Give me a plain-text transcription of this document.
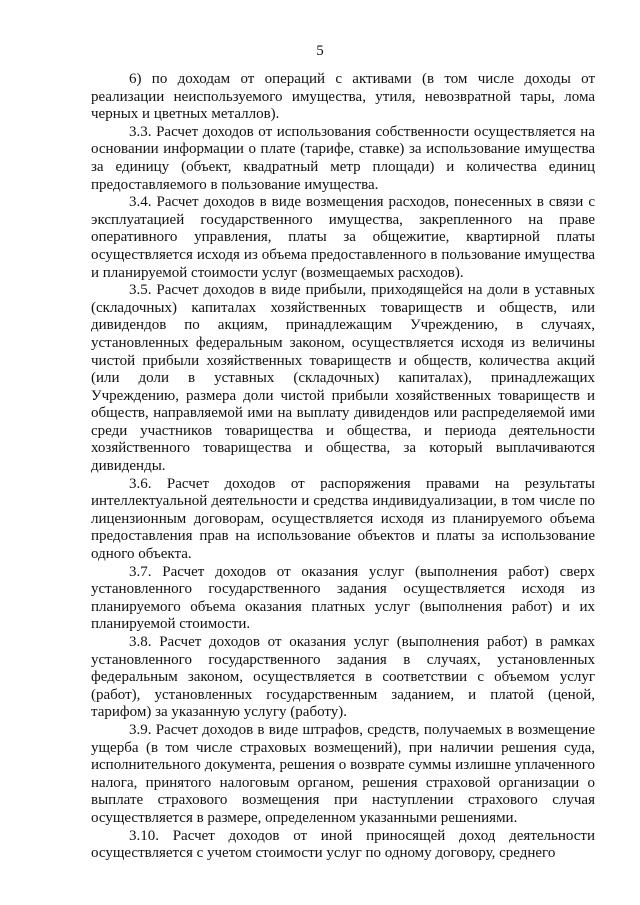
5

6) по доходам от операций с активами (в том числе доходы от реализации неиспользуемого имущества, утиля, невозвратной тары, лома черных и цветных металлов).

3.3. Расчет доходов от использования собственности осуществляется на основании информации о плате (тарифе, ставке) за использование имущества за единицу (объект, квадратный метр площади) и количества единиц предоставляемого в пользование имущества.

3.4. Расчет доходов в виде возмещения расходов, понесенных в связи с эксплуатацией государственного имущества, закрепленного на праве оперативного управления, платы за общежитие, квартирной платы осуществляется исходя из объема предоставленного в пользование имущества и планируемой стоимости услуг (возмещаемых расходов).

3.5. Расчет доходов в виде прибыли, приходящейся на доли в уставных (складочных) капиталах хозяйственных товариществ и обществ, или дивидендов по акциям, принадлежащим Учреждению, в случаях, установленных федеральным законом, осуществляется исходя из величины чистой прибыли хозяйственных товариществ и обществ, количества акций (или доли в уставных (складочных) капиталах), принадлежащих Учреждению, размера доли чистой прибыли хозяйственных товариществ и обществ, направляемой ими на выплату дивидендов или распределяемой ими среди участников товарищества и общества, и периода деятельности хозяйственного товарищества и общества, за который выплачиваются дивиденды.

3.6. Расчет доходов от распоряжения правами на результаты интеллектуальной деятельности и средства индивидуализации, в том числе по лицензионным договорам, осуществляется исходя из планируемого объема предоставления прав на использование объектов и платы за использование одного объекта.

3.7. Расчет доходов от оказания услуг (выполнения работ) сверх установленного государственного задания осуществляется исходя из планируемого объема оказания платных услуг (выполнения работ) и их планируемой стоимости.

3.8. Расчет доходов от оказания услуг (выполнения работ) в рамках установленного государственного задания в случаях, установленных федеральным законом, осуществляется в соответствии с объемом услуг (работ), установленных государственным заданием, и платой (ценой, тарифом) за указанную услугу (работу).

3.9. Расчет доходов в виде штрафов, средств, получаемых в возмещение ущерба (в том числе страховых возмещений), при наличии решения суда, исполнительного документа, решения о возврате суммы излишне уплаченного налога, принятого налоговым органом, решения страховой организации о выплате страхового возмещения при наступлении страхового случая осуществляется в размере, определенном указанными решениями.

3.10. Расчет доходов от иной приносящей доход деятельности осуществляется с учетом стоимости услуг по одному договору, среднего
